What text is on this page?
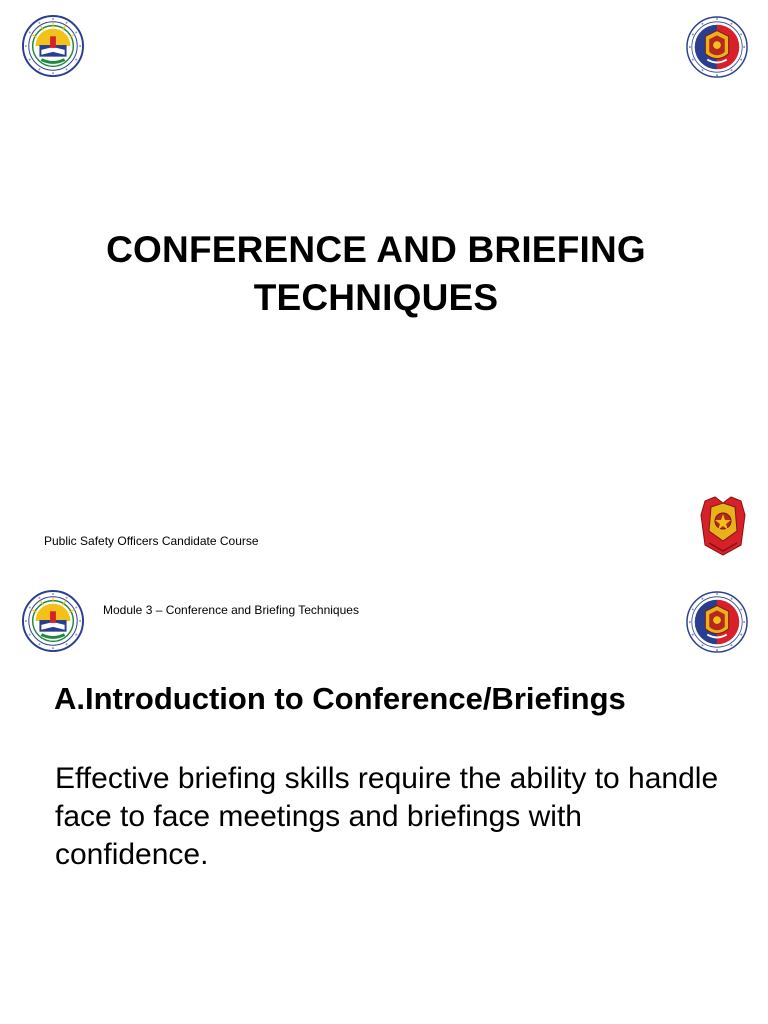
CONFERENCE AND BRIEFING
TECHNIQUES
Public Safety Officers Candidate Course
Module 3 – Conference and Briefing Techniques
A.Introduction to Conference/Briefings
Effective briefing skills require the ability to handle face to face meetings and briefings with confidence.
